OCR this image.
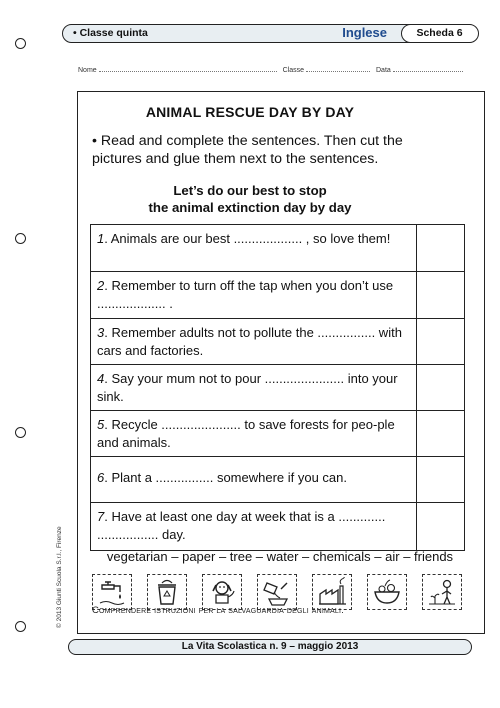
• Classe quinta	Inglese	Scheda 6
Nome	Classe	Data
© 2013 Giunti Scuola S.r.l., Firenze
ANIMAL RESCUE DAY BY DAY
• Read and complete the sentences. Then cut the pictures and glue them next to the sentences.
Let’s do our best to stop
the animal extinction day by day
1. Animals are our best ................... , so love them!
2. Remember to turn off the tap when you don’t use ................... .
3. Remember adults not to pollute the ................ with cars and factories.
4. Say your mum not to pour ...................... into your sink.
5. Recycle ...................... to save forests for peo-ple and animals.
6. Plant a ................ somewhere if you can.
7. Have at least one day at week that is a ............. ................. day.
vegetarian – paper – tree – water – chemicals – air – friends
Comprendere istruzioni per la salvaguardia degli animali.
La Vita Scolastica n. 9 – maggio 2013
